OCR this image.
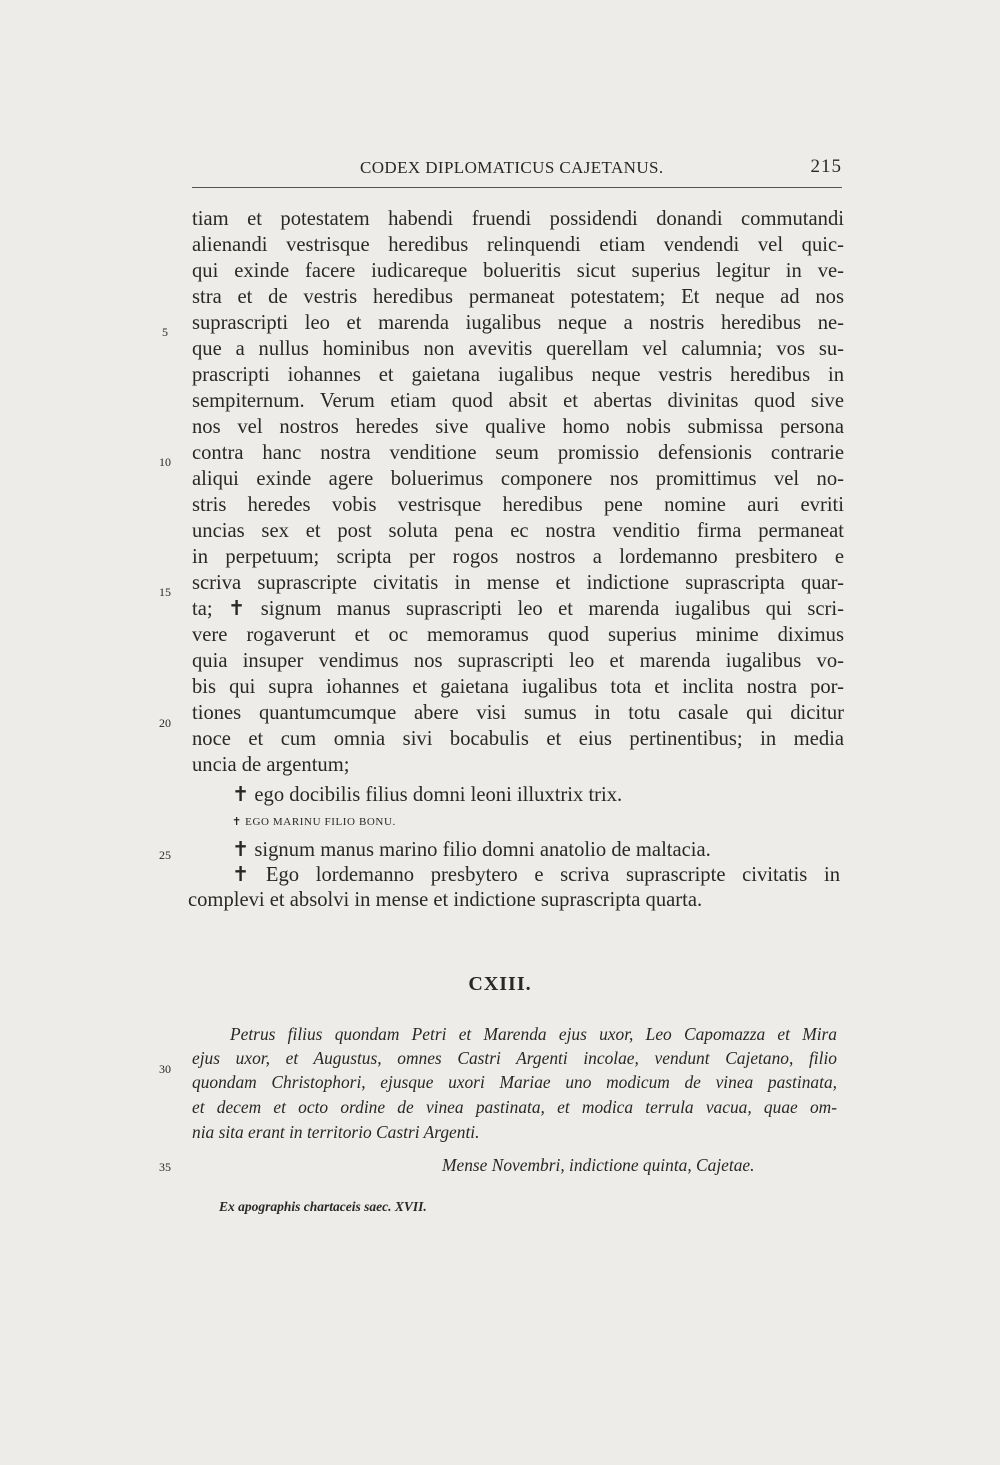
CODEX DIPLOMATICUS CAJETANUS.	215
tiam et potestatem habendi fruendi possidendi donandi commutandi
alienandi vestrisque heredibus relinquendi etiam vendendi vel quic-
qui exinde facere iudicareque bolueritis sicut superius legitur in ve-
stra et de vestris heredibus permaneat potestatem; Et neque ad nos
suprascripti leo et marenda iugalibus neque a nostris heredibus ne-
que a nullus hominibus non avevitis querellam vel calumnia; vos su-
prascripti iohannes et gaietana iugalibus neque vestris heredibus in
sempiternum. Verum etiam quod absit et abertas divinitas quod sive
nos vel nostros heredes sive qualive homo nobis submissa persona
contra hanc nostra venditione seum promissio defensionis contrarie
aliqui exinde agere boluerimus componere nos promittimus vel no-
stris heredes vobis vestrisque heredibus pene nomine auri evriti
uncias sex et post soluta pena ec nostra venditio firma permaneat
in perpetuum; scripta per rogos nostros a lordemanno presbitero e
scriva suprascripte civitatis in mense et indictione suprascripta quar-
ta; ✝ signum manus suprascripti leo et marenda iugalibus qui scri-
vere rogaverunt et oc memoramus quod superius minime diximus
quia insuper vendimus nos suprascripti leo et marenda iugalibus vo-
bis qui supra iohannes et gaietana iugalibus tota et inclita nostra por-
tiones quantumcumque abere visi sumus in totu casale qui dicitur
noce et cum omnia sivi bocabulis et eius pertinentibus; in media
uncia de argentum;
✝ ego docibilis filius domni leoni illuxtrix trix.
✝ EGO MARINU FILIO BONU.
✝ signum manus marino filio domni anatolio de maltacia.
✝ Ego lordemanno presbytero e scriva suprascripte civitatis in
complevi et absolvi in mense et indictione suprascripta quarta.
5
10
15
20
25
30
35
CXIII.
Petrus filius quondam Petri et Marenda ejus uxor, Leo Capomazza et Mira
ejus uxor, et Augustus, omnes Castri Argenti incolae, vendunt Cajetano, filio
quondam Christophori, ejusque uxori Mariae uno modicum de vinea pastinata,
et decem et octo ordine de vinea pastinata, et modica terrula vacua, quae om-
nia sita erant in territorio Castri Argenti.
Mense Novembri, indictione quinta, Cajetae.
Ex apographis chartaceis saec. XVII.
